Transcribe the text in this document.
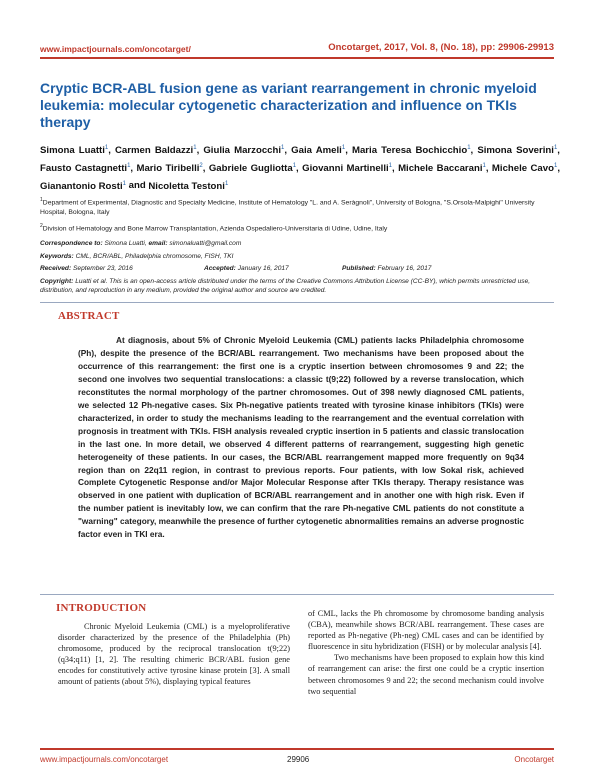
www.impactjournals.com/oncotarget/	Oncotarget, 2017, Vol. 8, (No. 18), pp: 29906-29913
Cryptic BCR-ABL fusion gene as variant rearrangement in chronic myeloid leukemia: molecular cytogenetic characterization and influence on TKIs therapy
Simona Luatti$^1$, Carmen Baldazzi$^1$, Giulia Marzocchi$^1$, Gaia Ameli$^1$, Maria Teresa Bochicchio$^1$, Simona Soverini$^1$, Fausto Castagnetti$^1$, Mario Tiribelli$^2$, Gabriele Gugliotta$^1$, Giovanni Martinelli$^1$, Michele Baccarani$^1$, Michele Cavo$^1$, Gianantonio Rosti$^1$ and Nicoletta Testoni$^1$
$^1$Department of Experimental, Diagnostic and Specialty Medicine, Institute of Hematology "L. and A. Seràgnoli", University of Bologna, "S.Orsola-Malpighi" University Hospital, Bologna, Italy
$^2$Division of Hematology and Bone Marrow Transplantation, Azienda Ospedaliero-Universitaria di Udine, Udine, Italy
Correspondence to: Simona Luatti, email: simonaluatti@gmail.com
Keywords: CML, BCR/ABL, Philadelphia chromosome, FISH, TKI
Received: September 23, 2016	Accepted: January 16, 2017	Published: February 16, 2017
Copyright: Luatti et al. This is an open-access article distributed under the terms of the Creative Commons Attribution License (CC-BY), which permits unrestricted use, distribution, and reproduction in any medium, provided the original author and source are credited.
ABSTRACT
At diagnosis, about 5% of Chronic Myeloid Leukemia (CML) patients lacks Philadelphia chromosome (Ph), despite the presence of the BCR/ABL rearrangement. Two mechanisms have been proposed about the occurrence of this rearrangement: the first one is a cryptic insertion between chromosomes 9 and 22; the second one involves two sequential translocations: a classic t(9;22) followed by a reverse translocation, which reconstitutes the normal morphology of the partner chromosomes. Out of 398 newly diagnosed CML patients, we selected 12 Ph-negative cases. Six Ph-negative patients treated with tyrosine kinase inhibitors (TKIs) were characterized, in order to study the mechanisms leading to the rearrangement and the eventual correlation with prognosis in treatment with TKIs. FISH analysis revealed cryptic insertion in 5 patients and classic translocation in the last one. In more detail, we observed 4 different patterns of rearrangement, suggesting high genetic heterogeneity of these patients. In our cases, the BCR/ABL rearrangement mapped more frequently on 9q34 region than on 22q11 region, in contrast to previous reports. Four patients, with low Sokal risk, achieved Complete Cytogenetic Response and/or Major Molecular Response after TKIs therapy. Therapy resistance was observed in one patient with duplication of BCR/ABL rearrangement and in another one with high risk. Even if the number patient is inevitably low, we can confirm that the rare Ph-negative CML patients do not constitute a "warning" category, meanwhile the presence of further cytogenetic abnormalities remains an adverse prognostic factor even in TKI era.
INTRODUCTION

Chronic Myeloid Leukemia (CML) is a myeloproliferative disorder characterized by the presence of the Philadelphia (Ph) chromosome, produced by the reciprocal translocation t(9;22)(q34;q11) [1, 2]. The resulting chimeric BCR/ABL fusion gene encodes for constitutively active tyrosine kinase protein [3]. A small amount of patients (about 5%), displaying typical features

of CML, lacks the Ph chromosome by chromosome banding analysis (CBA), meanwhile shows BCR/ABL rearrangement. These cases are reported as Ph-negative (Ph-neg) CML cases and can be identified by fluorescence in situ hybridization (FISH) or by molecular analysis [4].

Two mechanisms have been proposed to explain how this kind of rearrangement can arise: the first one could be a cryptic insertion between chromosomes 9 and 22; the second mechanism could involve two sequential

www.impactjournals.com/oncotarget	29906	Oncotarget
